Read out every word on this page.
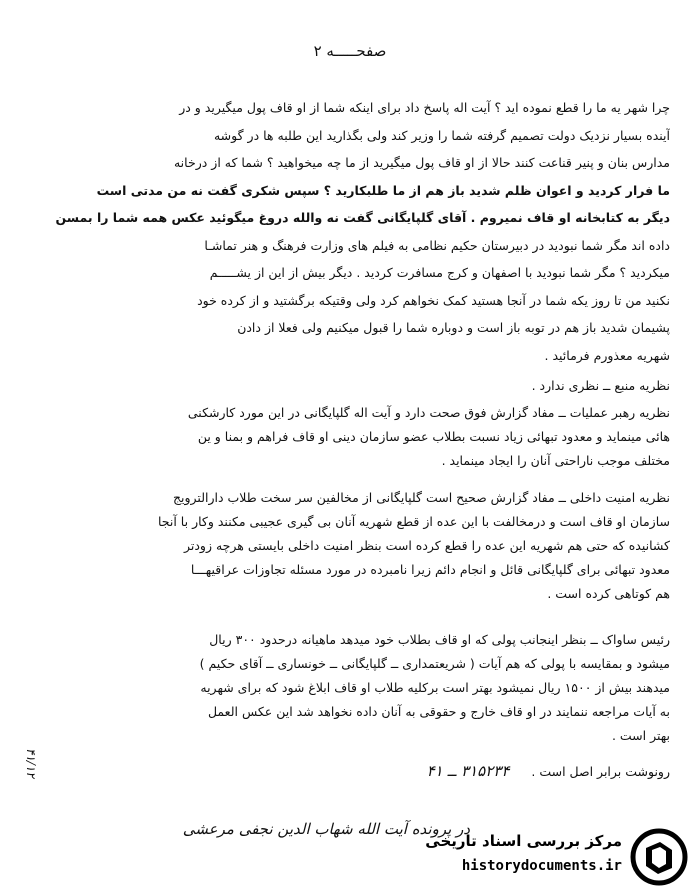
صفحـــــه ۲
چرا شهر یه ما را قطع نموده اید ؟ آیت اله پاسخ داد برای اینکه شما از او قاف پول میگیرید و در
آینده بسیار نزدیک دولت تصمیم گرفته شما را وزیر کند ولی بگذارید این طلبه ها در گوشه
مدارس بنان و پنیر قناعت کنند حالا از او قاف پول میگیرید از ما چه میخواهید ؟ شما که از درخانه
ما فرار کردید و اعوان ظلم شدید باز هم از ما طلبکارید ؟ سپس شکری گفت نه من مدتی است
دیگر به کتابخانه او قاف نمیروم . آقای گلپایگانی گفت نه والله دروغ میگوئید عکس همه شما را بمسن
داده اند مگر شما نبودید در دبیرستان حکیم نظامی به فیلم های وزارت فرهنگ و هنر تماشـا
میکردید ؟ مگر شما نبودید با اصفهان و کرج مسافرت کردید . دیگر بیش از این از یشـــــم
نکنید من تا روز یکه شما در آنجا هستید کمک نخواهم کرد ولی وقتیکه برگشتید و از کرده خود
پشیمان شدید باز هم در توبه باز است و دوباره شما را قبول میکنیم ولی فعلا از دادن
شهریه معذورم فرمائید .
نظریه منبع ــ نظری ندارد .
نظریه رهبر عملیات ــ مفاد گزارش فوق صحت دارد و آیت اله گلپایگانی در این مورد کارشکنی
هائی مینماید و معدود تبهائی زیاد نسبت بطلاب عضو سازمان دینی او قاف فراهم و بمنا و ین
مختلف موجب ناراحتی آنان را ایجاد مینماید .
نظریه امنیت داخلی ــ مفاد گزارش صحیح است گلپایگانی از مخالفین سر سخت طلاب دارالترویج
سازمان او قاف است و درمخالفت با این عده از قطع شهریه آنان بی گیری عجیبی مکنند وکار با آنجا
کشانیده که حتی هم شهریه این عده را قطع کرده است بنظر امنیت داخلی بایستی هرچه زودتر
معدود تبهائی برای گلپایگانی قائل و انجام دائم زیرا نامبرده در مورد مسئله تجاوزات عراقیهـــا
هم کوتاهی کرده است .
رئیس ساواک ــ بنظر اینجانب پولی که او قاف بطلاب خود میدهد ماهیانه درحدود ۳۰۰ ریال
میشود و بمقایسه با پولی که هم آیات ( شریعتمداری ــ گلپایگانی ــ خونساری ــ آقای حکیم )
میدهند بیش از ۱۵۰۰ ریال نمیشود بهتر است برکلیه طلاب او قاف ابلاغ شود که برای شهریه
به آیات مراجعه ننمایند در او قاف خارج و حقوقی به آنان داده نخواهد شد این عکس العمل
بهتر است .
رونوشت برابر اصل است . ۳۱۵۲۳۴ ــ ۴۱
در پرونده آیت الله شهاب الدین نجفی مرعشی
۴۱/۱۲
مرکز بررسی اسناد تاریخی
historydocuments.ir
